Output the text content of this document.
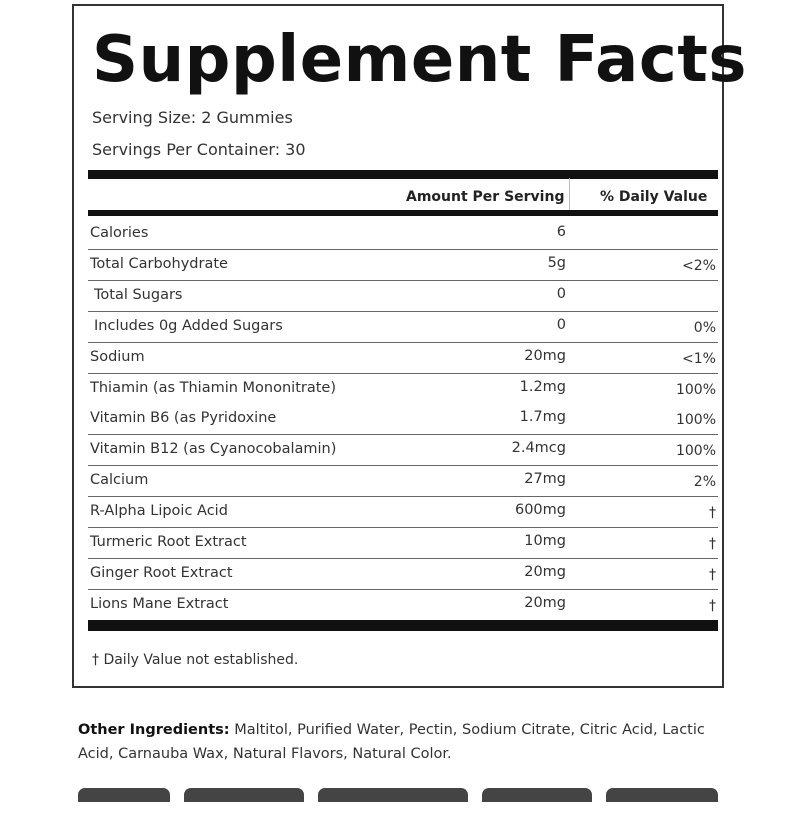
Supplement Facts
Serving Size: 2 Gummies
Servings Per Container: 30
Amount Per Serving	% Daily Value
Calories	6
Total Carbohydrate	5g	<2%
Total Sugars	0
Includes 0g Added Sugars	0	0%
Sodium	20mg	<1%
Thiamin (as Thiamin Mononitrate)	1.2mg	100%
Vitamin B6 (as Pyridoxine	1.7mg	100%
Vitamin B12 (as Cyanocobalamin)	2.4mcg	100%
Calcium	27mg	2%
R-Alpha Lipoic Acid	600mg	†
Turmeric Root Extract	10mg	†
Ginger Root Extract	20mg	†
Lions Mane Extract	20mg	†
† Daily Value not established.
Other Ingredients: Maltitol, Purified Water, Pectin, Sodium Citrate, Citric Acid, Lactic Acid, Carnauba Wax, Natural Flavors, Natural Color.
